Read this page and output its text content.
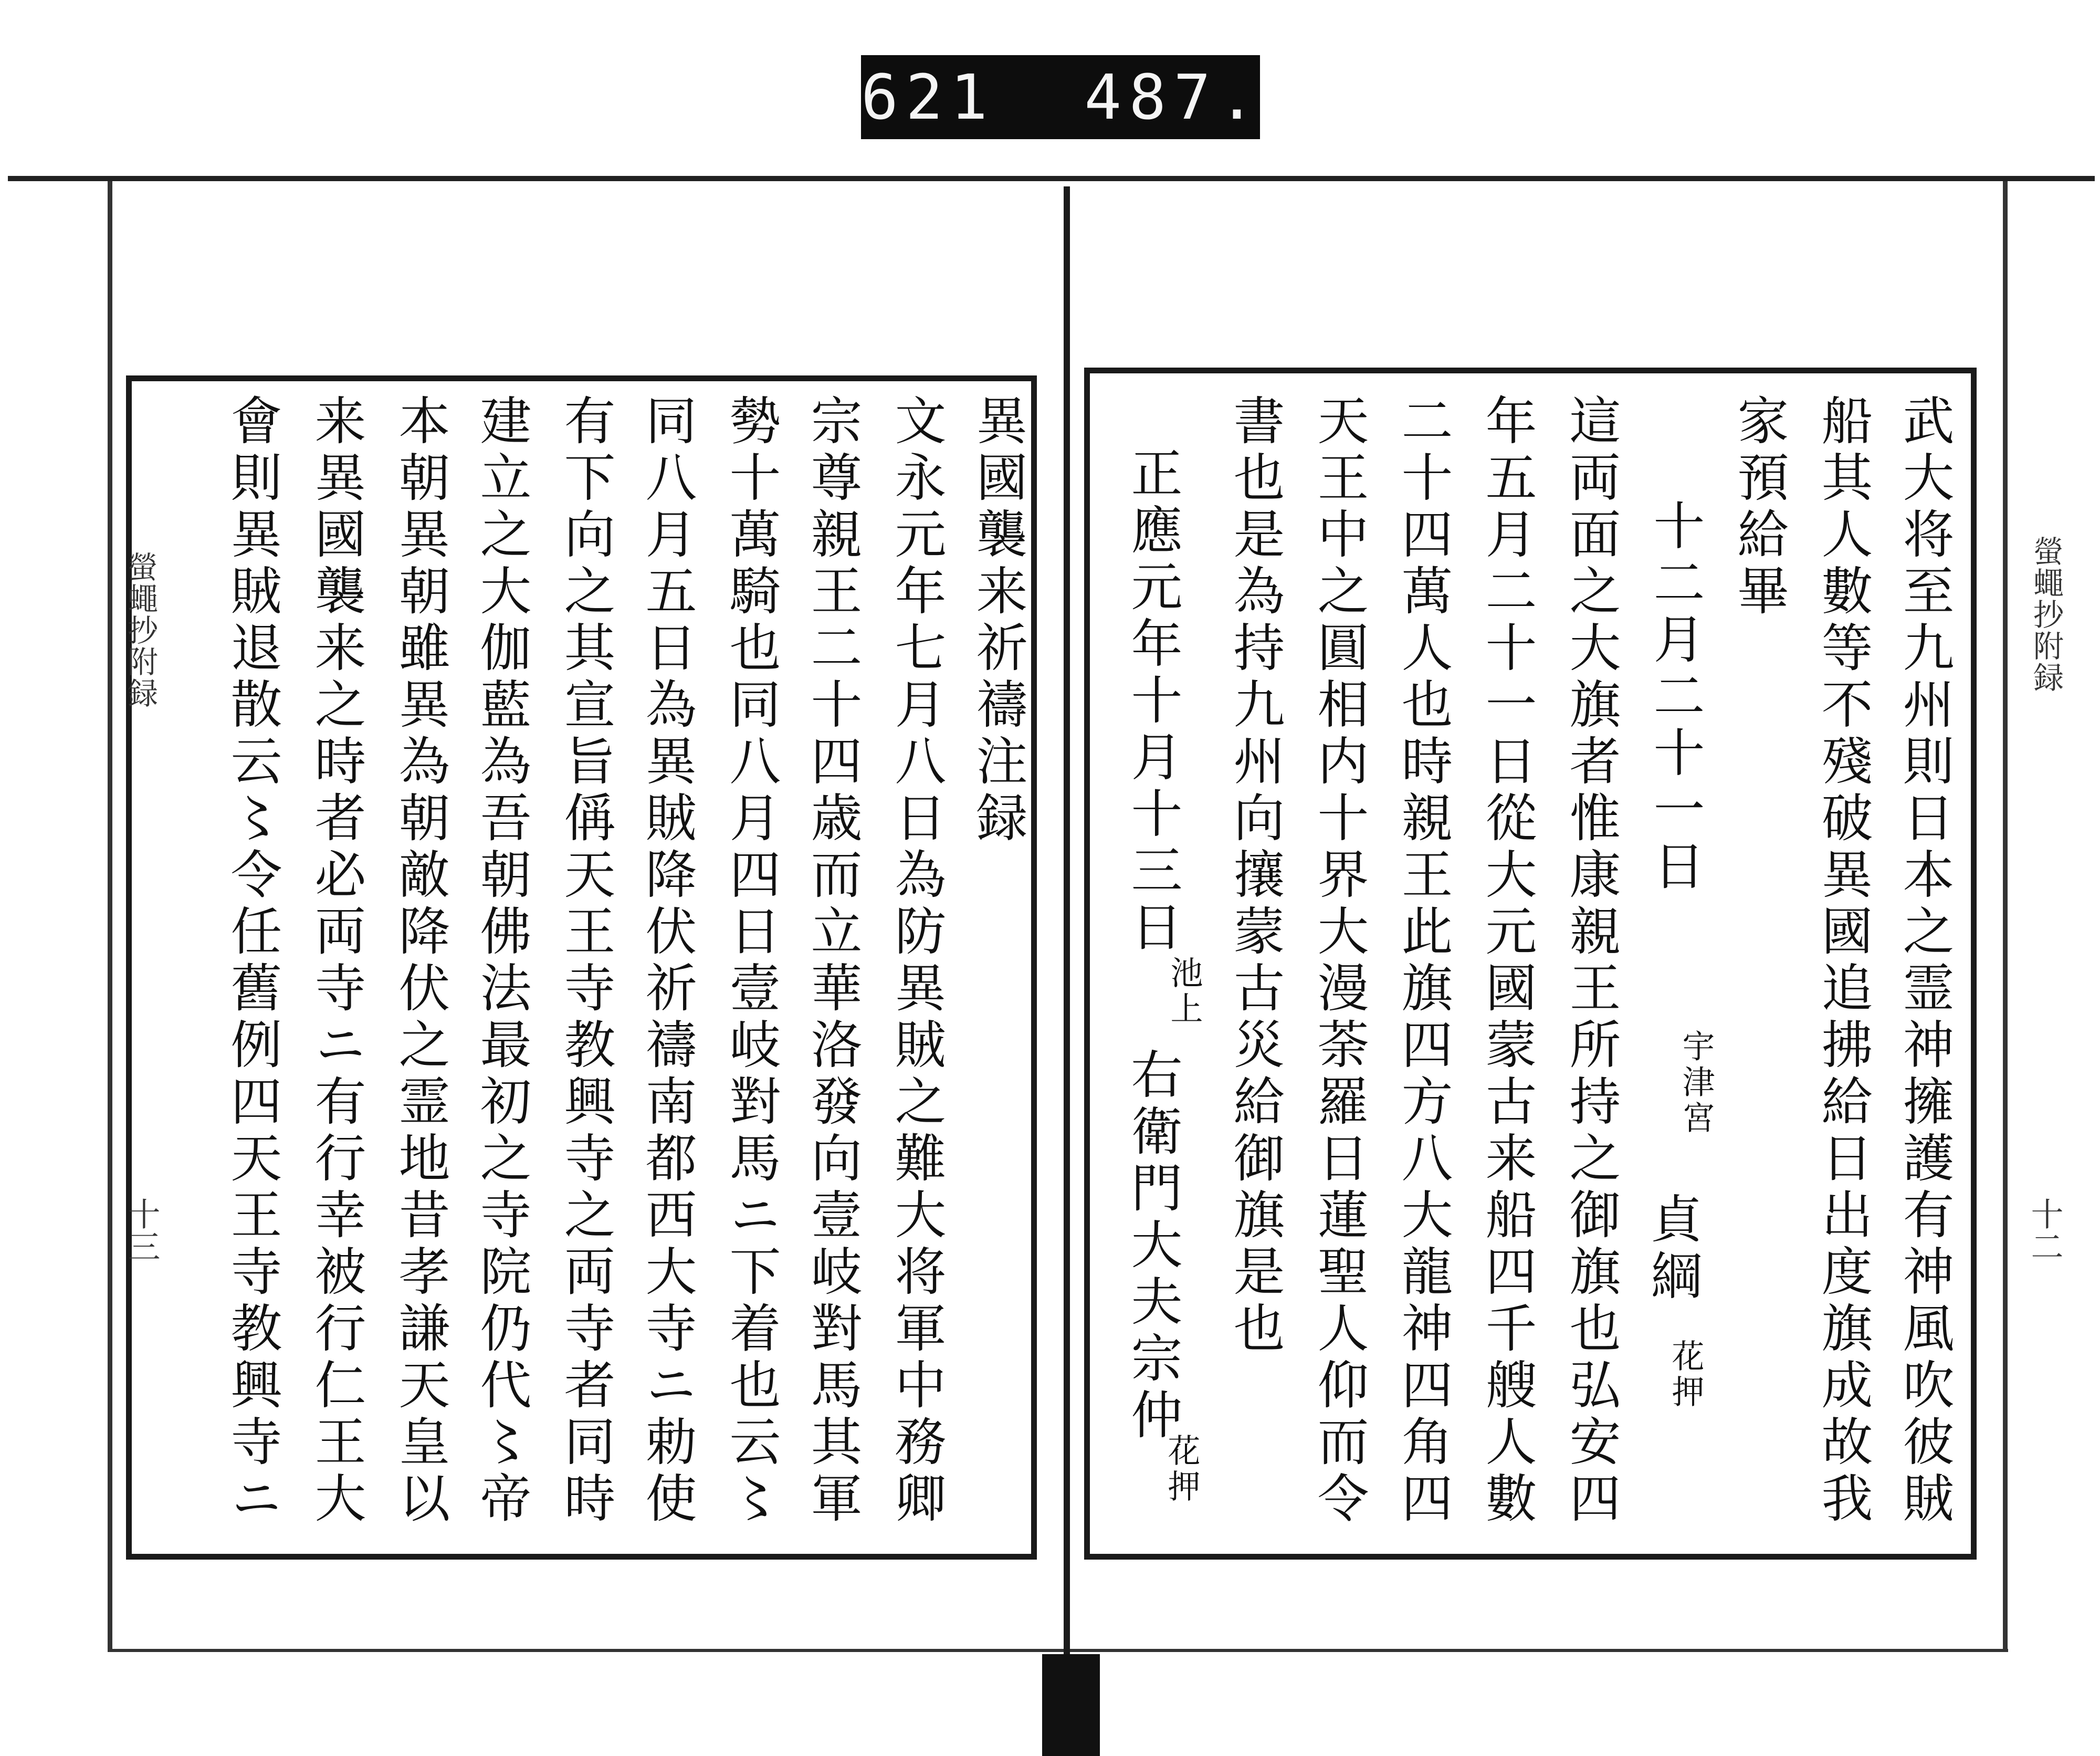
621  487.
螢蠅抄附録
十三
異國襲来祈禱注録
文永元年七月八日為防異賊之難大将軍中務卿
宗尊親王二十四歳而立華洛發向壹岐對馬其軍
勢十萬騎也同八月四日壹岐對馬ニ下着也云〻
同八月五日為異賊降伏祈禱南都西大寺ニ勅使
有下向之其宣旨偁天王寺教興寺之両寺者同時
建立之大伽藍為吾朝佛法最初之寺院仍代〻帝
本朝異朝雖異為朝敵降伏之霊地昔孝謙天皇以
来異國襲来之時者必両寺ニ有行幸被行仁王大
會則異賊退散云〻令任舊例四天王寺教興寺ニ	螢蠅抄附録
十二
武大将至九州則日本之霊神擁護有神風吹彼賊
船其人數等不殘破異國追拂給日出度旗成故我
家預給畢
十二月二十一日
宇津宮
貞綱
花押
這両面之大旗者惟康親王所持之御旗也弘安四
年五月二十一日從大元國蒙古来船四千艘人數
二十四萬人也時親王此旗四方八大龍神四角四
天王中之圓相内十界大漫荼羅日蓮聖人仰而令
書也是為持九州向攘蒙古災給御旗是也
正應元年十月十三日
池上
右衛門大夫宗仲
花押
